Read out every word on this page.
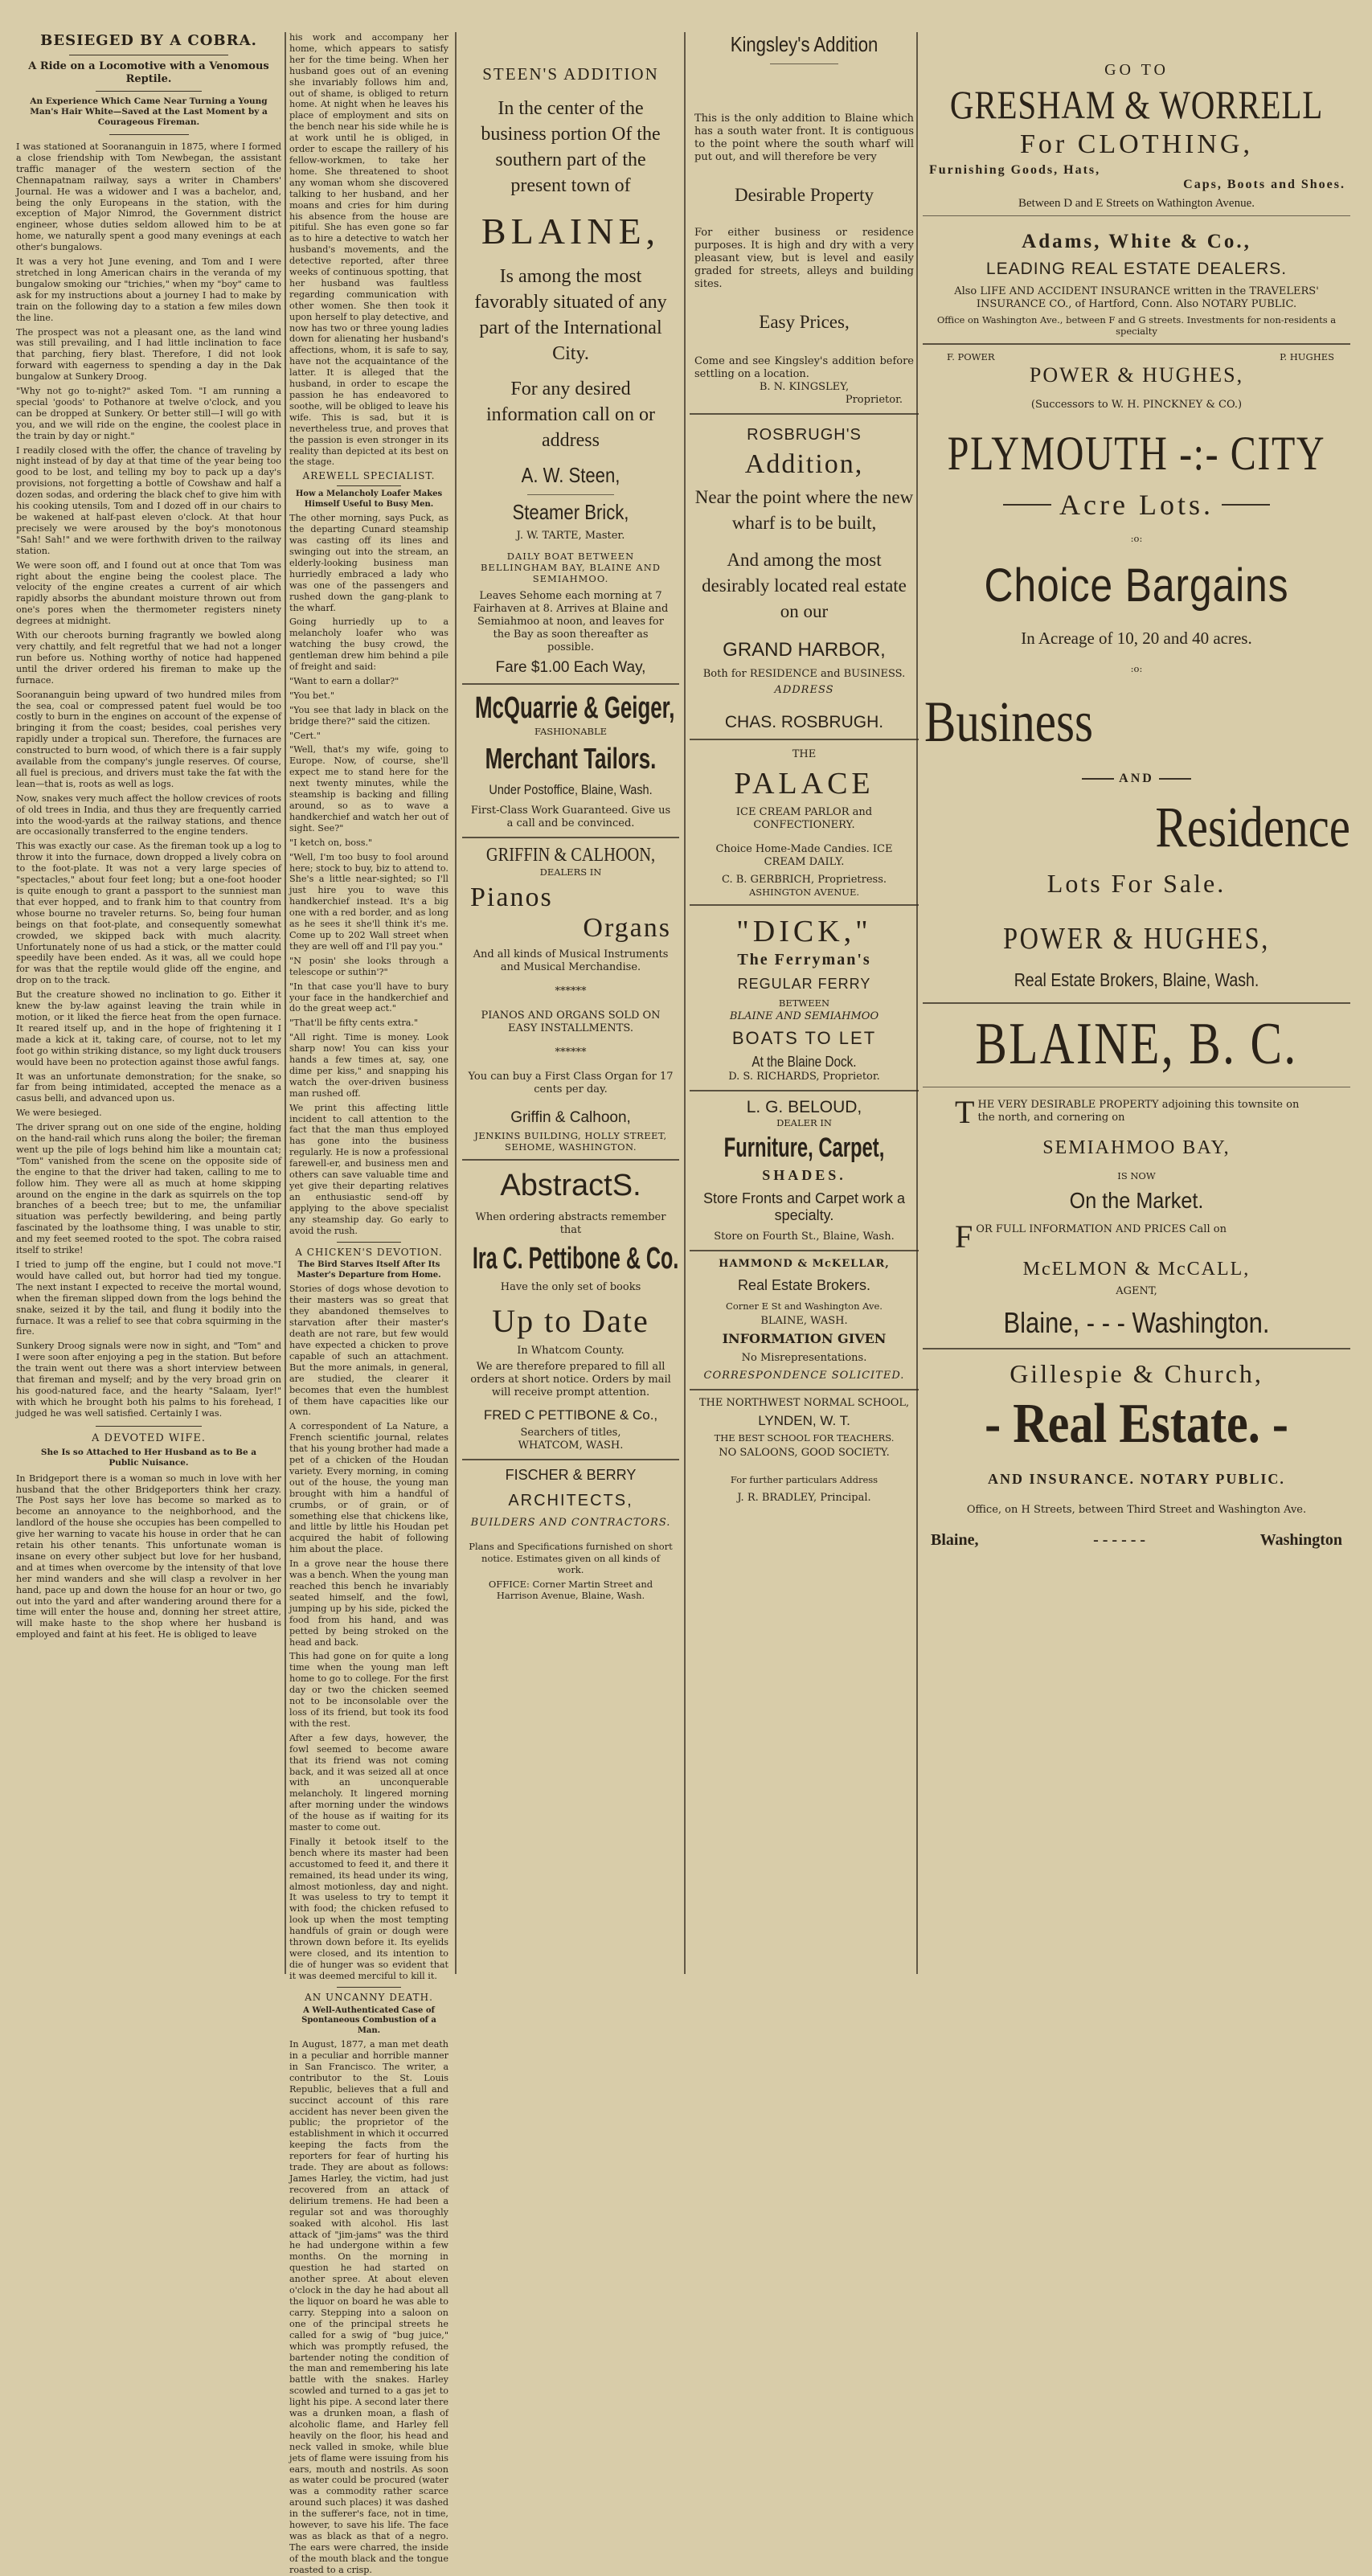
BESIEGED BY A COBRA.
A Ride on a Locomotive with a Venomous Reptile.
An Experience Which Came Near Turning a Young Man's Hair White—Saved at the Last Moment by a Courageous Fireman.

I was stationed at Soorananguin in 1875, where I formed a close friendship with Tom Newbegan, the assistant traffic manager of the western section of the Chennapatnam railway, says a writer in Chambers' Journal. He was a widower and I was a bachelor, and, being the only Europeans in the station, with the exception of Major Nimrod, the Government district engineer, whose duties seldom allowed him to be at home, we naturally spent a good many evenings at each other's bungalows.

It was a very hot June evening, and Tom and I were stretched in long American chairs in the veranda of my bungalow smoking our "trichies," when my "boy" came to ask for my instructions about a journey I had to make by train on the following day to a station a few miles down the line.

The prospect was not a pleasant one, as the land wind was still prevailing, and I had little inclination to face that parching, fiery blast. Therefore, I did not look forward with eagerness to spending a day in the Dak bungalow at Sunkery Droog.

"Why not go to-night?" asked Tom. "I am running a special 'goods' to Pothanore at twelve o'clock, and you can be dropped at Sunkery. Or better still—I will go with you, and we will ride on the engine, the coolest place in the train by day or night."

I readily closed with the offer, the chance of traveling by night instead of by day at that time of the year being too good to be lost, and telling my boy to pack up a day's provisions, not forgetting a bottle of Cowshaw and half a dozen sodas, and ordering the black chef to give him with his cooking utensils, Tom and I dozed off in our chairs to be wakened at half-past eleven o'clock. At that hour precisely we were aroused by the boy's monotonous "Sah! Sah!" and we were forthwith driven to the railway station.

We were soon off, and I found out at once that Tom was right about the engine being the coolest place. The velocity of the engine creates a current of air which rapidly absorbs the abundant moisture thrown out from one's pores when the thermometer registers ninety degrees at midnight.

With our cheroots burning fragrantly we bowled along very chattily, and felt regretful that we had not a longer run before us. Nothing worthy of notice had happened until the driver ordered his fireman to make up the furnace.

Soorananguin being upward of two hundred miles from the sea, coal or compressed patent fuel would be too costly to burn in the engines on account of the expense of bringing it from the coast; besides, coal perishes very rapidly under a tropical sun. Therefore, the furnaces are constructed to burn wood, of which there is a fair supply available from the company's jungle reserves. Of course, all fuel is precious, and drivers must take the fat with the lean—that is, roots as well as logs.

Now, snakes very much affect the hollow crevices of roots of old trees in India, and thus they are frequently carried into the wood-yards at the railway stations, and thence are occasionally transferred to the engine tenders.

This was exactly our case. As the fireman took up a log to throw it into the furnace, down dropped a lively cobra on to the foot-plate. It was not a very large species of "spectacles," about four feet long; but a one-foot hooder is quite enough to grant a passport to the sunniest man that ever hopped, and to frank him to that country from whose bourne no traveler returns. So, being four human beings on that foot-plate, and consequently somewhat crowded, we skipped back with much alacrity. Unfortunately none of us had a stick, or the matter could speedily have been ended. As it was, all we could hope for was that the reptile would glide off the engine, and drop on to the track.

But the creature showed no inclination to go. Either it knew the by-law against leaving the train while in motion, or it liked the fierce heat from the open furnace. It reared itself up, and in the hope of frightening it I made a kick at it, taking care, of course, not to let my foot go within striking distance, so my light duck trousers would have been no protection against those awful fangs.

It was an unfortunate demonstration; for the snake, so far from being intimidated, accepted the menace as a casus belli, and advanced upon us.

We were besieged.

The driver sprang out on one side of the engine, holding on the hand-rail which runs along the boiler; the fireman went up the pile of logs behind him like a mountain cat; "Tom" vanished from the scene on the opposite side of the engine to that the driver had taken, calling to me to follow him. They were all as much at home skipping around on the engine in the dark as squirrels on the top branches of a beech tree; but to me, the unfamiliar situation was perfectly bewildering, and being partly fascinated by the loathsome thing, I was unable to stir, and my feet seemed rooted to the spot. The cobra raised itself to strike!

I tried to jump off the engine, but I could not move."I would have called out, but horror had tied my tongue. The next instant I expected to receive the mortal wound, when the fireman slipped down from the logs behind the snake, seized it by the tail, and flung it bodily into the furnace. It was a relief to see that cobra squirming in the fire.

Sunkery Droog signals were now in sight, and "Tom" and I were soon after enjoying a peg in the station. But before the train went out there was a short interview between that fireman and myself; and by the very broad grin on his good-natured face, and the hearty "Salaam, Iyer!" with which he brought both his palms to his forehead, I judged he was well satisfied. Certainly I was.

A DEVOTED WIFE.
She Is so Attached to Her Husband as to Be a Public Nuisance.

In Bridgeport there is a woman so much in love with her husband that the other Bridgeporters think her crazy. The Post says her love has become so marked as to become an annoyance to the neighborhood, and the landlord of the house she occupies has been compelled to give her warning to vacate his house in order that he can retain his other tenants. This unfortunate woman is insane on every other subject but love for her husband, and at times when overcome by the intensity of that love her mind wanders and she will clasp a revolver in her hand, pace up and down the house for an hour or two, go out into the yard and after wandering around there for a time will enter the house and, donning her street attire, will make haste to the shop where her husband is employed and faint at his feet. He is obliged to leave

his work and accompany her home, which appears to satisfy her for the time being. When her husband goes out of an evening she invariably follows him and, out of shame, is obliged to return home. At night when he leaves his place of employment and sits on the bench near his side while he is at work until he is obliged, in order to escape the raillery of his fellow-workmen, to take her home. She threatened to shoot any woman whom she discovered talking to her husband, and her moans and cries for him during his absence from the house are pitiful. She has even gone so far as to hire a detective to watch her husband's movements, and the detective reported, after three weeks of continuous spotting, that her husband was faultless regarding communication with other women. She then took it upon herself to play detective, and now has two or three young ladies down for alienating her husband's affections, whom, it is safe to say, have not the acquaintance of the latter. It is alleged that the husband, in order to escape the passion he has endeavored to soothe, will be obliged to leave his wife. This is sad, but it is nevertheless true, and proves that the passion is even stronger in its reality than depicted at its best on the stage.

AREWELL SPECIALIST.
How a Melancholy Loafer Makes Himself Useful to Busy Men.

The other morning, says Puck, as the departing Cunard steamship was casting off its lines and swinging out into the stream, an elderly-looking business man hurriedly embraced a lady who was one of the passengers and rushed down the gang-plank to the wharf.

Going hurriedly up to a melancholy loafer who was watching the busy crowd, the gentleman drew him behind a pile of freight and said:

"Want to earn a dollar?"

"You bet."

"You see that lady in black on the bridge there?" said the citizen.

"Cert."

"Well, that's my wife, going to Europe. Now, of course, she'll expect me to stand here for the next twenty minutes, while the steamship is backing and filling around, so as to wave a handkerchief and watch her out of sight. See?"

"I ketch on, boss."

"Well, I'm too busy to fool around here; stock to buy, biz to attend to. She's a little near-sighted; so I'll just hire you to wave this handkerchief instead. It's a big one with a red border, and as long as he sees it she'll think it's me. Come up to 202 Wall street when they are well off and I'll pay you."

"N posin' she looks through a telescope or suthin'?"

"In that case you'll have to bury your face in the handkerchief and do the great weep act."

"That'll be fifty cents extra."

"All right. Time is money. Look sharp now! You can kiss your hands a few times at, say, one dime per kiss," and snapping his watch the over-driven business man rushed off.

We print this affecting little incident to call attention to the fact that the man thus employed has gone into the business regularly. He is now a professional farewell-er, and business men and others can save valuable time and yet give their departing relatives an enthusiastic send-off by applying to the above specialist any steamship day. Go early to avoid the rush.

A CHICKEN'S DEVOTION.
The Bird Starves Itself After Its Master's Departure from Home.

Stories of dogs whose devotion to their masters was so great that they abandoned themselves to starvation after their master's death are not rare, but few would have expected a chicken to prove capable of such an attachment. But the more animals, in general, are studied, the clearer it becomes that even the humblest of them have capacities like our own.

A correspondent of La Nature, a French scientific journal, relates that his young brother had made a pet of a chicken of the Houdan variety. Every morning, in coming out of the house, the young man brought with him a handful of crumbs, or of grain, or of something else that chickens like, and little by little his Houdan pet acquired the habit of following him about the place.

In a grove near the house there was a bench. When the young man reached this bench he invariably seated himself, and the fowl, jumping up by his side, picked the food from his hand, and was petted by being stroked on the head and back.

This had gone on for quite a long time when the young man left home to go to college. For the first day or two the chicken seemed not to be inconsolable over the loss of its friend, but took its food with the rest.

After a few days, however, the fowl seemed to become aware that its friend was not coming back, and it was seized all at once with an unconquerable melancholy. It lingered morning after morning under the windows of the house as if waiting for its master to come out.

Finally it betook itself to the bench where its master had been accustomed to feed it, and there it remained, its head under its wing, almost motionless, day and night. It was useless to try to tempt it with food; the chicken refused to look up when the most tempting handfuls of grain or dough were thrown down before it. Its eyelids were closed, and its intention to die of hunger was so evident that it was deemed merciful to kill it.

AN UNCANNY DEATH.
A Well-Authenticated Case of Spontaneous Combustion of a Man.

In August, 1877, a man met death in a peculiar and horrible manner in San Francisco. The writer, a contributor to the St. Louis Republic, believes that a full and succinct account of this rare accident has never been given the public; the proprietor of the establishment in which it occurred keeping the facts from the reporters for fear of hurting his trade. They are about as follows: James Harley, the victim, had just recovered from an attack of delirium tremens. He had been a regular sot and was thoroughly soaked with alcohol. His last attack of "jim-jams" was the third he had undergone within a few months. On the morning in question he had started on another spree. At about eleven o'clock in the day he had about all the liquor on board he was able to carry. Stepping into a saloon on one of the principal streets he called for a swig of "bug juice," which was promptly refused, the bartender noting the condition of the man and remembering his late battle with the snakes. Harley scowled and turned to a gas jet to light his pipe. A second later there was a drunken moan, a flash of alcoholic flame, and Harley fell heavily on the floor, his head and neck valled in smoke, while blue jets of flame were issuing from his ears, mouth and nostrils. As soon as water could be procured (water was a commodity rather scarce around such places) it was dashed in the sufferer's face, not in time, however, to save his life. The face was as black as that of a negro. The ears were charred, the inside of the mouth black and the tongue roasted to a crisp.

STEEN'S ADDITION
In the center of the business portion Of the southern part of the present town of
BLAINE,
Is among the most favorably situated of any part of the International City.
For any desired information call on or address
A. W. Steen,
Steamer Brick,
J. W. TARTE, Master.
DAILY BOAT BETWEEN BELLINGHAM BAY, BLAINE AND SEMIAHMOO.
Leaves Sehome each morning at 7 Fairhaven at 8. Arrives at Blaine and Semiahmoo at noon, and leaves for the Bay as soon thereafter as possible.
Fare $1.00 Each Way,
McQuarrie & Geiger,
FASHIONABLE
Merchant Tailors.
Under Postoffice, Blaine, Wash.
First-Class Work Guaranteed. Give us a call and be convinced.
GRIFFIN & CALHOON,
DEALERS IN
Pianos
Organs
And all kinds of Musical Instruments and Musical Merchandise.
******
PIANOS AND ORGANS SOLD ON EASY INSTALLMENTS.
******
You can buy a First Class Organ for 17 cents per day.
Griffin & Calhoon,
JENKINS BUILDING, HOLLY STREET, SEHOME, WASHINGTON.
AbstractS.
When ordering abstracts remember that
Ira C. Pettibone & Co.
Have the only set of books
Up to Date
In Whatcom County.
We are therefore prepared to fill all orders at short notice. Orders by mail will receive prompt attention.
FRED C PETTIBONE & Co.,
Searchers of titles,
WHATCOM, WASH.
FISCHER & BERRY
ARCHITECTS,
BUILDERS AND CONTRACTORS.
Plans and Specifications furnished on short notice. Estimates given on all kinds of work.
OFFICE: Corner Martin Street and Harrison Avenue, Blaine, Wash.
Kingsley's Addition
This is the only addition to Blaine which has a south water front. It is contiguous to the point where the south wharf will put out, and will therefore be very
Desirable Property
For either business or residence purposes. It is high and dry with a very pleasant view, but is level and easily graded for streets, alleys and building sites.
Easy Prices,
Come and see Kingsley's addition before settling on a location.
B. N. KINGSLEY,
Proprietor.
ROSBRUGH'S
Addition,
Near the point where the new wharf is to be built,
And among the most desirably located real estate on our
GRAND HARBOR,
Both for RESIDENCE and BUSINESS.
ADDRESS
CHAS. ROSBRUGH.
THE
PALACE
ICE CREAM PARLOR and CONFECTIONERY.
Choice Home-Made Candies. ICE CREAM DAILY.
C. B. GERBRICH, Proprietress.
ASHINGTON AVENUE.
"DICK,"
The Ferryman's
REGULAR FERRY
BETWEEN
BLAINE AND SEMIAHMOO
BOATS TO LET
At the Blaine Dock.
D. S. RICHARDS, Proprietor.
L. G. BELOUD,
DEALER IN
Furniture, Carpet,
SHADES.
Store Fronts and Carpet work a specialty.
Store on Fourth St., Blaine, Wash.
HAMMOND & McKELLAR,
Real Estate Brokers.
Corner E St and Washington Ave.
BLAINE, WASH.
INFORMATION GIVEN
No Misrepresentations.
CORRESPONDENCE SOLICITED.
THE NORTHWEST NORMAL SCHOOL,
LYNDEN, W. T.
THE BEST SCHOOL FOR TEACHERS.
NO SALOONS, GOOD SOCIETY.
For further particulars Address
J. R. BRADLEY, Principal.
GO TO
GRESHAM & WORRELL
For CLOTHING,
Furnishing Goods, Hats,
Caps, Boots and Shoes.
Between D and E Streets on Wathington Avenue.
Adams, White & Co.,
LEADING REAL ESTATE DEALERS.
Also LIFE AND ACCIDENT INSURANCE written in the TRAVELERS' INSURANCE CO., of Hartford, Conn. Also NOTARY PUBLIC.
Office on Washington Ave., between F and G streets. Investments for non-residents a specialty
F. POWER	P. HUGHES
POWER & HUGHES,
(Successors to W. H. PINCKNEY & CO.)
PLYMOUTH -:- CITY
Acre Lots.
:o:
Choice Bargains
In Acreage of 10, 20 and 40 acres.
:o:
Business
AND
Residence
Lots For Sale.
POWER & HUGHES,
Real Estate Brokers, Blaine, Wash.
BLAINE, B. C.
T HE VERY DESIRABLE PROPERTY adjoining this townsite on the north, and cornering on
SEMIAHMOO BAY,
IS NOW
On the Market.
F OR FULL INFORMATION AND PRICES Call on
McELMON & McCALL,
AGENT,
Blaine, - - - Washington.
Gillespie & Church,
- Real Estate. -
AND INSURANCE. NOTARY PUBLIC.
Office, on H Streets, between Third Street and Washington Ave.
Blaine,	- - - - - -	Washington
